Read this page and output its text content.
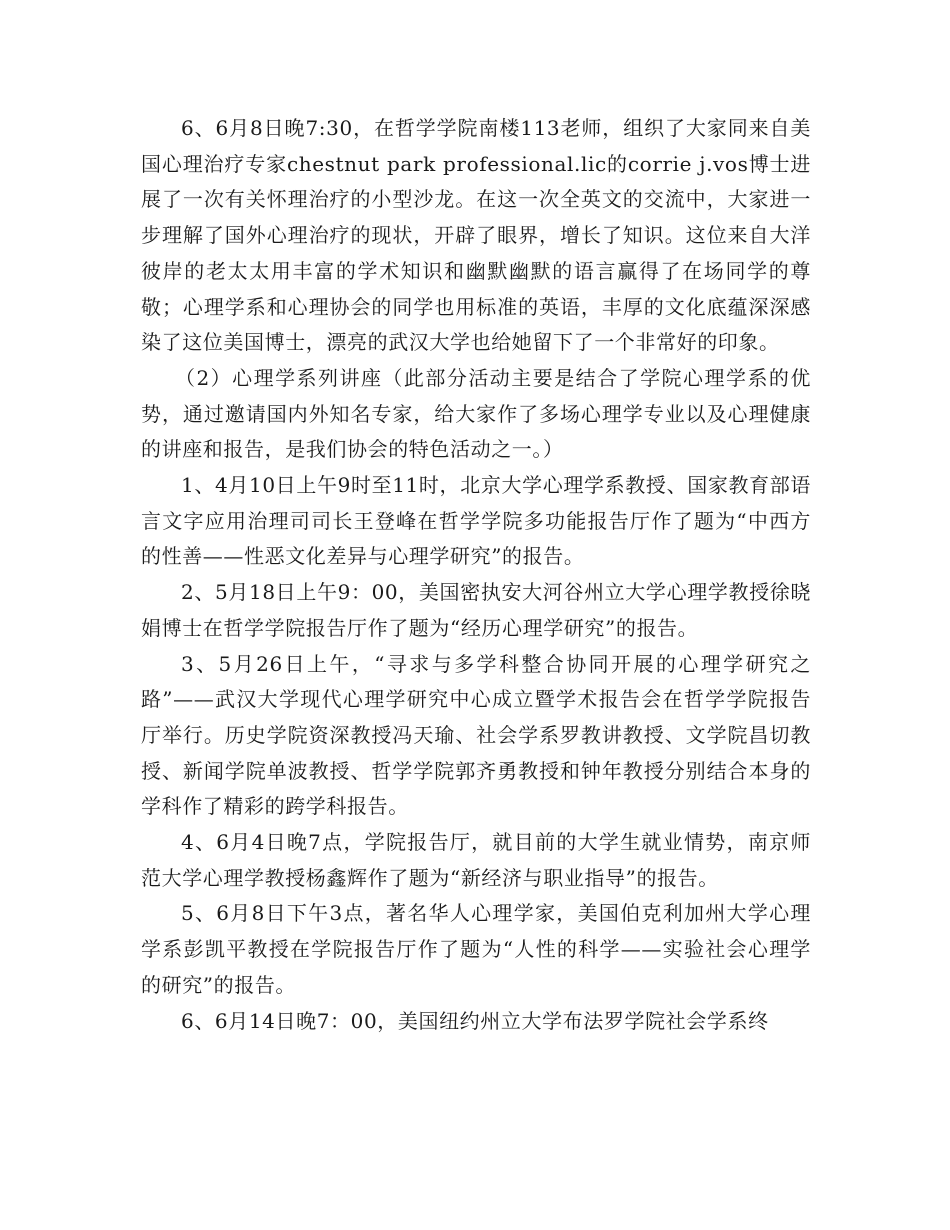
6、6月8日晚7:30，在哲学学院南楼113老师，组织了大家同来自美国心理治疗专家chestnut park professional.lic的corrie j.vos博士进展了一次有关怀理治疗的小型沙龙。在这一次全英文的交流中，大家进一步理解了国外心理治疗的现状，开辟了眼界，增长了知识。这位来自大洋彼岸的老太太用丰富的学术知识和幽默幽默的语言赢得了在场同学的尊敬；心理学系和心理协会的同学也用标准的英语，丰厚的文化底蕴深深感染了这位美国博士，漂亮的武汉大学也给她留下了一个非常好的印象。

（2）心理学系列讲座（此部分活动主要是结合了学院心理学系的优势，通过邀请国内外知名专家，给大家作了多场心理学专业以及心理健康的讲座和报告，是我们协会的特色活动之一。）

1、4月10日上午9时至11时，北京大学心理学系教授、国家教育部语言文字应用治理司司长王登峰在哲学学院多功能报告厅作了题为“中西方的性善——性恶文化差异与心理学研究”的报告。

2、5月18日上午9：00，美国密执安大河谷州立大学心理学教授徐晓娟博士在哲学学院报告厅作了题为“经历心理学研究”的报告。

3、5月26日上午，“寻求与多学科整合协同开展的心理学研究之路”——武汉大学现代心理学研究中心成立暨学术报告会在哲学学院报告厅举行。历史学院资深教授冯天瑜、社会学系罗教讲教授、文学院昌切教授、新闻学院单波教授、哲学学院郭齐勇教授和钟年教授分别结合本身的学科作了精彩的跨学科报告。

4、6月4日晚7点，学院报告厅，就目前的大学生就业情势，南京师范大学心理学教授杨鑫辉作了题为“新经济与职业指导”的报告。

5、6月8日下午3点，著名华人心理学家，美国伯克利加州大学心理学系彭凯平教授在学院报告厅作了题为“人性的科学——实验社会心理学的研究”的报告。

6、6月14日晚7：00，美国纽约州立大学布法罗学院社会学系终
